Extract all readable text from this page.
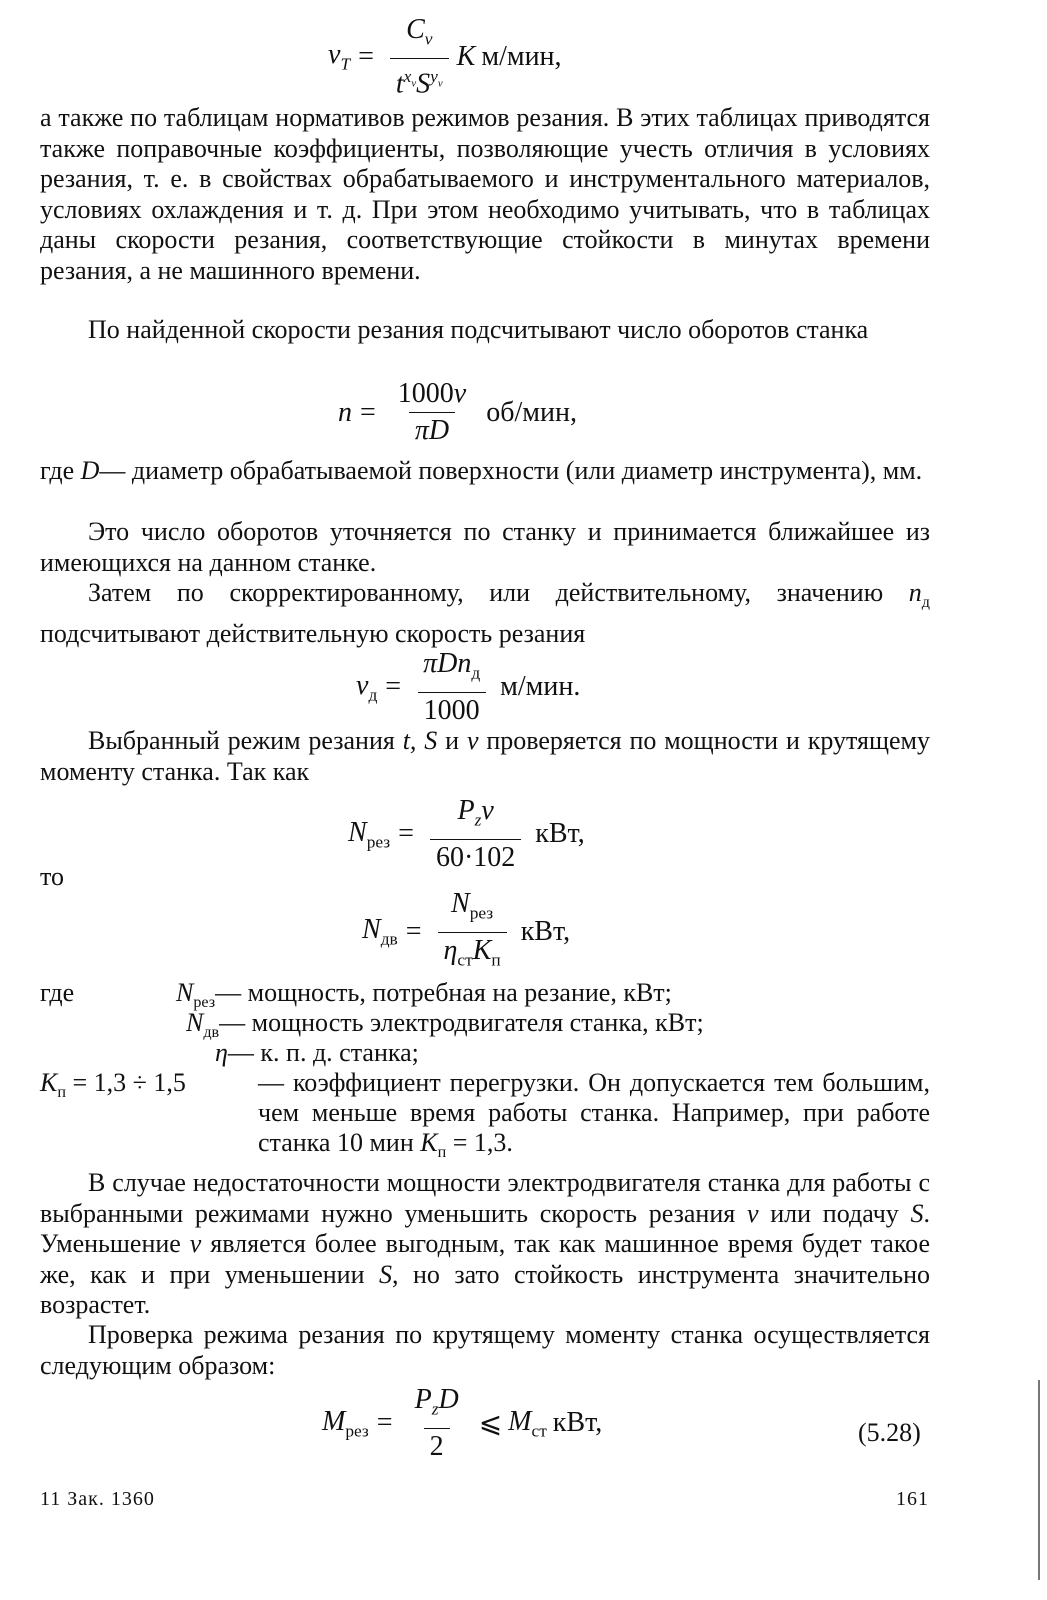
$v_T = \frac{C_v}{t^{x_v}S^{y_v}}$ K м/мин,

а также по таблицам нормативов режимов резания. В этих таблицах приводятся также поправочные коэффициенты, позволяющие учесть отличия в условиях резания, т. е. в свойствах обрабатываемого и инструментального материалов, условиях охлаждения и т. д. При этом необходимо учитывать, что в таблицах даны скорости резания, соответствующие стойкости в минутах времени резания, а не машинного времени.

По найденной скорости резания подсчитывают число оборотов станка

$n = \frac{1000v}{\pi D} об/мин$,
где D— диаметр обрабатываемой поверхности (или диаметр инструмента), мм.

Это число оборотов уточняется по станку и принимается ближайшее из имеющихся на данном станке.

Затем по скорректированному, или действительному, значению $n_д$ подсчитывают действительную скорость резания

$v_д = \frac{\pi Dn_д}{1000} м/мин$.

Выбранный режим резания t, S и v проверяется по мощности и крутящему моменту станка. Так как

$N_{рез} = \frac{P_zv}{60\cdot 102}$ кВт,
то
$N_{дв} = \frac{N_{рез}}{\eta_{ст}K_п}$ кВт,
где	$N_{рез}—$ мощность, потребная на резание, кВт;
$N_{дв}—$ мощность электродвигателя станка, кВт;
η— к. п. д. станка;
$K_п = 1,3 \div 1,5$	— коэффициент перегрузки. Он допускается тем большим, чем меньше время работы станка. Например, при работе станка 10 мин $K_п = 1,3$.

В случае недостаточности мощности электродвигателя станка для работы с выбранными режимами нужно уменьшить скорость резания v или подачу S. Уменьшение v является более выгодным, так как машинное время будет такое же, как и при уменьшении S, но зато стойкость инструмента значительно возрастет.

Проверка режима резания по крутящему моменту станка осуществляется следующим образом:

$M_{рез} = \frac{P_zD}{2}$ ⩽ $M_{ст}$ кВт,	(5.28)
11 Зак. 1360	161
